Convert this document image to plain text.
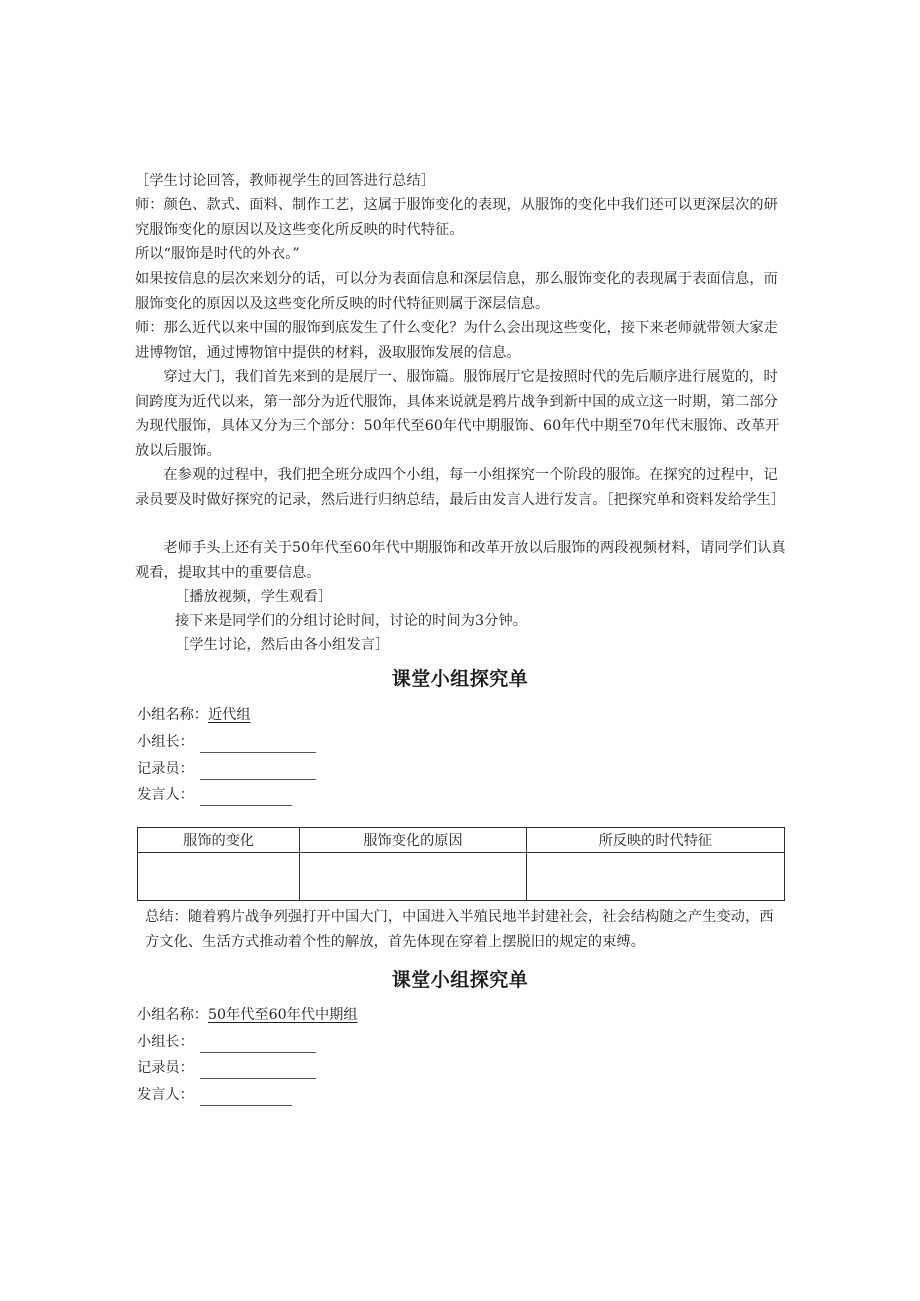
［学生讨论回答，教师视学生的回答进行总结］

师：颜色、款式、面料、制作工艺，这属于服饰变化的表现，从服饰的变化中我们还可以更深层次的研究服饰变化的原因以及这些变化所反映的时代特征。

所以“服饰是时代的外衣。”

如果按信息的层次来划分的话，可以分为表面信息和深层信息，那么服饰变化的表现属于表面信息，而服饰变化的原因以及这些变化所反映的时代特征则属于深层信息。

师：那么近代以来中国的服饰到底发生了什么变化？为什么会出现这些变化，接下来老师就带领大家走进博物馆，通过博物馆中提供的材料，汲取服饰发展的信息。

穿过大门，我们首先来到的是展厅一、服饰篇。服饰展厅它是按照时代的先后顺序进行展览的，时间跨度为近代以来，第一部分为近代服饰，具体来说就是鸦片战争到新中国的成立这一时期，第二部分为现代服饰，具体又分为三个部分：50年代至60年代中期服饰、60年代中期至70年代末服饰、改革开放以后服饰。

在参观的过程中，我们把全班分成四个小组，每一小组探究一个阶段的服饰。在探究的过程中，记录员要及时做好探究的记录，然后进行归纳总结，最后由发言人进行发言。［把探究单和资料发给学生］

老师手头上还有关于50年代至60年代中期服饰和改革开放以后服饰的两段视频材料，请同学们认真观看，提取其中的重要信息。

［播放视频，学生观看］

接下来是同学们的分组讨论时间，讨论的时间为3分钟。

［学生讨论，然后由各小组发言］

课堂小组探究单
小组名称：近代组
小组长：
记录员：
发言人：
服饰的变化	服饰变化的原因	所反映的时代特征

总结：随着鸦片战争列强打开中国大门，中国进入半殖民地半封建社会，社会结构随之产生变动，西方文化、生活方式推动着个性的解放，首先体现在穿着上摆脱旧的规定的束缚。

课堂小组探究单
小组名称：50年代至60年代中期组
小组长：
记录员：
发言人：
